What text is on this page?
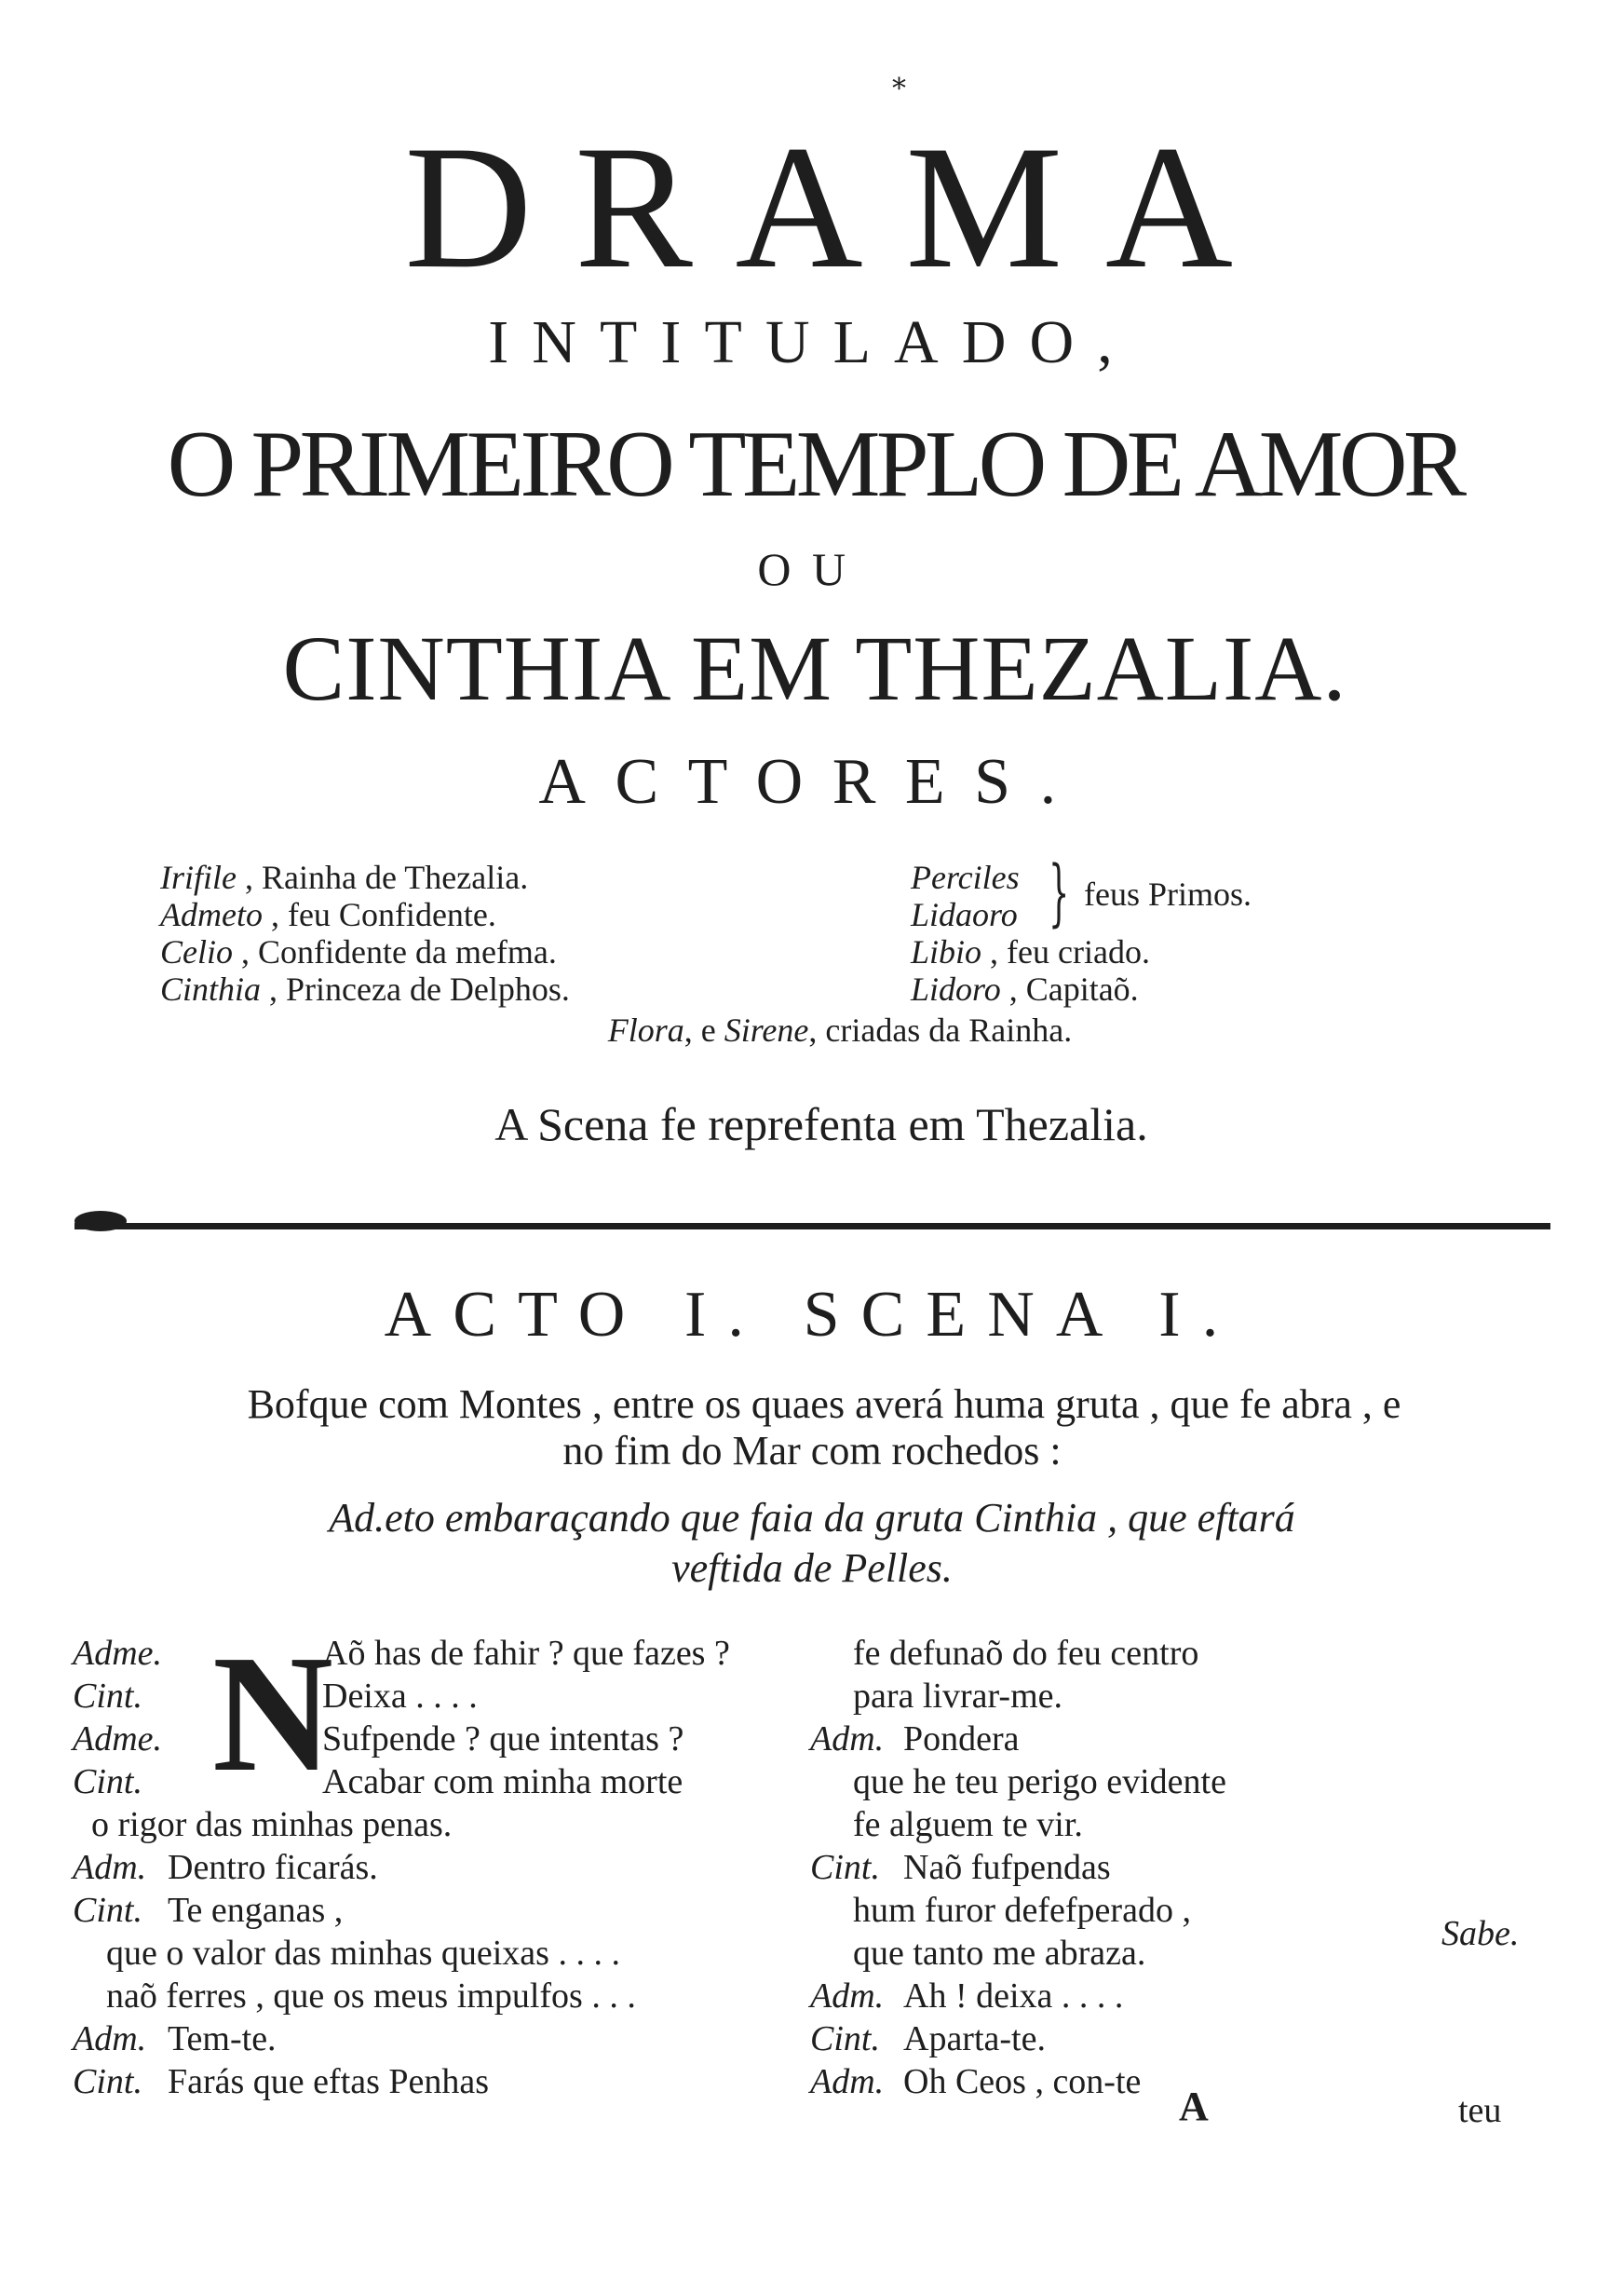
*
DRAMA
INTITULADO,
O PRIMEIRO TEMPLO DE AMOR
OU
CINTHIA EM THEZALIA.
ACTORES.
Irifile , Rainha de Thezalia.
Admeto , feu Confidente.
Celio , Confidente da mefma.
Cinthia , Princeza de Delphos.
Perciles
Lidaoro } feus Primos.
Libio , feu criado.
Lidoro , Capitaõ.
Flora, e Sirene, criadas da Rainha.
A Scena fe reprefenta em Thezalia.
ACTO I. SCENA I.
Bofque com Montes , entre os quaes averá huma gruta , que fe abra , e
no fim do Mar com rochedos :
Ad.eto embaraçando que faia da gruta Cinthia , que eftará
veftida de Pelles.
N
Adme.	Aõ has de fahir ? que fazes ?
Cint.	Deixa . . . .
Adme.	Sufpende ? que intentas ?
Cint.	Acabar com minha morte
o rigor das minhas penas.
Adm. Dentro ficarás.
Cint. Te enganas ,
que o valor das minhas queixas . . . .
naõ ferres , que os meus impulfos . . .
Adm. Tem-te.
Cint. Farás que eftas Penhas
fe defunaõ do feu centro
para livrar-me.
Adm. Pondera
que he teu perigo evidente
fe alguem te vir.
Cint. Naõ fufpendas
hum furor defefperado ,
que tanto me abraza.
Adm. Ah ! deixa . . . .
Cint. Aparta-te.
Adm. Oh Ceos , con-te
Sabe.
A	teu
